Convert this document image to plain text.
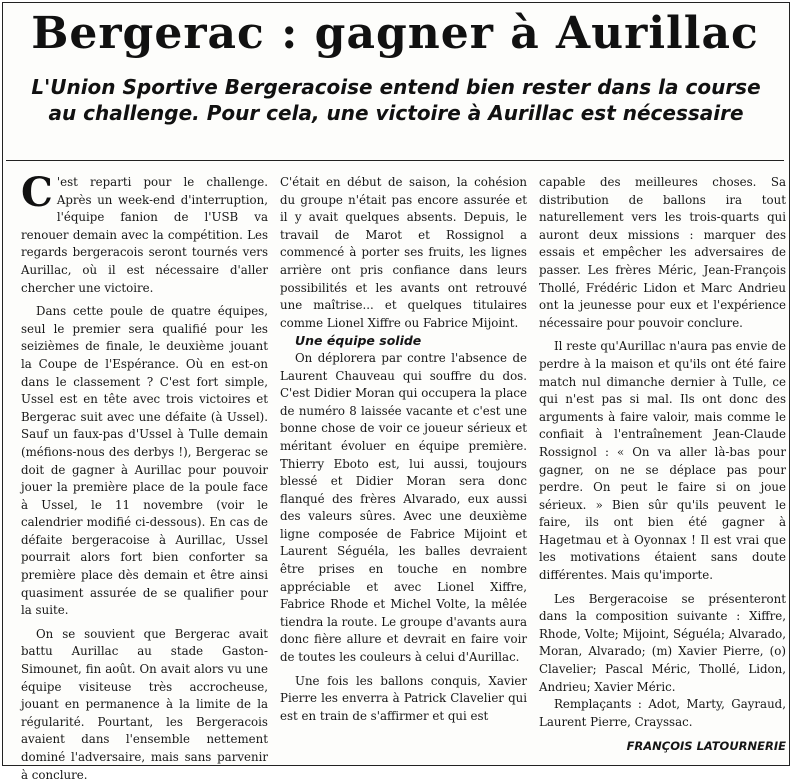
Bergerac : gagner à Aurillac
L'Union Sportive Bergeracoise entend bien rester dans la course au challenge. Pour cela, une victoire à Aurillac est nécessaire

C 'est reparti pour le challenge. Après un week-end d'interruption, l'équipe fanion de l'USB va renouer demain avec la compétition. Les regards bergeracois seront tournés vers Aurillac, où il est nécessaire d'aller chercher une victoire.

Dans cette poule de quatre équipes, seul le premier sera qualifié pour les seizièmes de finale, le deuxième jouant la Coupe de l'Espérance. Où en est-on dans le classement ? C'est fort simple, Ussel est en tête avec trois victoires et Bergerac suit avec une défaite (à Ussel). Sauf un faux-pas d'Ussel à Tulle demain (méfions-nous des derbys !), Bergerac se doit de gagner à Aurillac pour pouvoir jouer la première place de la poule face à Ussel, le 11 novembre (voir le calendrier modifié ci-dessous). En cas de défaite bergeracoise à Aurillac, Ussel pourrait alors fort bien conforter sa première place dès demain et être ainsi quasiment assurée de se qualifier pour la suite.

On se souvient que Bergerac avait battu Aurillac au stade Gaston-Simounet, fin août. On avait alors vu une équipe visiteuse très accrocheuse, jouant en permanence à la limite de la régularité. Pourtant, les Bergeracois avaient dans l'ensemble nettement dominé l'adversaire, mais sans parvenir à conclure.

C'était en début de saison, la cohésion du groupe n'était pas encore assurée et il y avait quelques absents. Depuis, le travail de Marot et Rossignol a commencé à porter ses fruits, les lignes arrière ont pris confiance dans leurs possibilités et les avants ont retrouvé une maîtrise... et quelques titulaires comme Lionel Xiffre ou Fabrice Mijoint.

Une équipe solide

On déplorera par contre l'absence de Laurent Chauveau qui souffre du dos. C'est Didier Moran qui occupera la place de numéro 8 laissée vacante et c'est une bonne chose de voir ce joueur sérieux et méritant évoluer en équipe première. Thierry Eboto est, lui aussi, toujours blessé et Didier Moran sera donc flanqué des frères Alvarado, eux aussi des valeurs sûres. Avec une deuxième ligne composée de Fabrice Mijoint et Laurent Séguéla, les balles devraient être prises en touche en nombre appréciable et avec Lionel Xiffre, Fabrice Rhode et Michel Volte, la mêlée tiendra la route. Le groupe d'avants aura donc fière allure et devrait en faire voir de toutes les couleurs à celui d'Aurillac.

Une fois les ballons conquis, Xavier Pierre les enverra à Patrick Clavelier qui est en train de s'affirmer et qui est

capable des meilleures choses. Sa distribution de ballons ira tout naturellement vers les trois-quarts qui auront deux missions : marquer des essais et empêcher les adversaires de passer. Les frères Méric, Jean-François Thollé, Frédéric Lidon et Marc Andrieu ont la jeunesse pour eux et l'expérience nécessaire pour pouvoir conclure.

Il reste qu'Aurillac n'aura pas envie de perdre à la maison et qu'ils ont été faire match nul dimanche dernier à Tulle, ce qui n'est pas si mal. Ils ont donc des arguments à faire valoir, mais comme le confiait à l'entraînement Jean-Claude Rossignol : « On va aller là-bas pour gagner, on ne se déplace pas pour perdre. On peut le faire si on joue sérieux. » Bien sûr qu'ils peuvent le faire, ils ont bien été gagner à Hagetmau et à Oyonnax ! Il est vrai que les motivations étaient sans doute différentes. Mais qu'importe.

Les Bergeracoise se présenteront dans la composition suivante : Xiffre, Rhode, Volte; Mijoint, Séguéla; Alvarado, Moran, Alvarado; (m) Xavier Pierre, (o) Clavelier; Pascal Méric, Thollé, Lidon, Andrieu; Xavier Méric.

Remplaçants : Adot, Marty, Gayraud, Laurent Pierre, Crayssac.

FRANÇOIS LATOURNERIE
